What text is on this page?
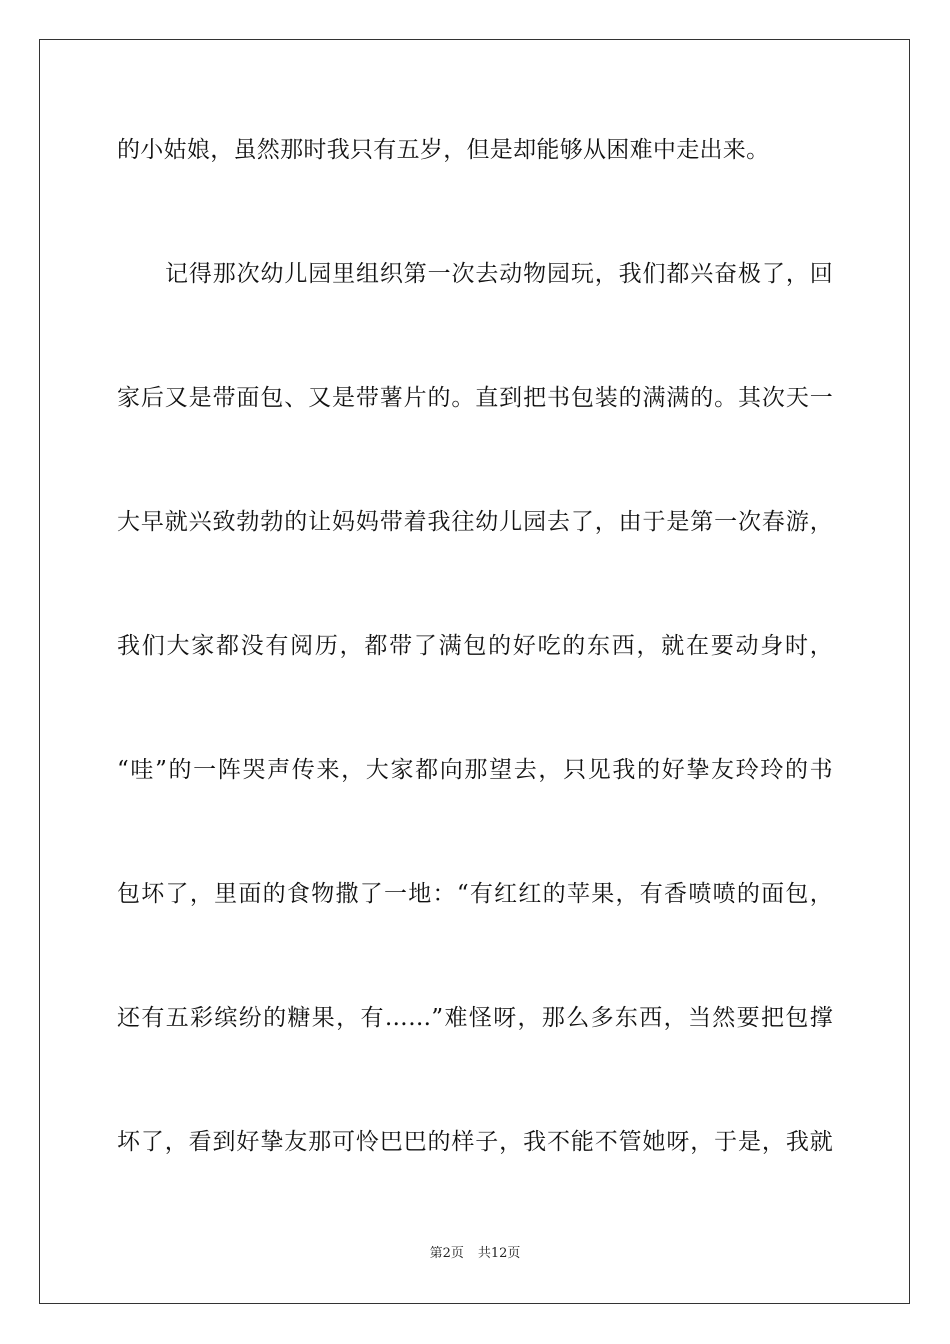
的小姑娘，虽然那时我只有五岁，但是却能够从困难中走出来。
记得那次幼儿园里组织第一次去动物园玩，我们都兴奋极了，回
家后又是带面包、又是带薯片的。直到把书包装的满满的。其次天一
大早就兴致勃勃的让妈妈带着我往幼儿园去了，由于是第一次春游，
我们大家都没有阅历，都带了满包的好吃的东西，就在要动身时，
“哇”的一阵哭声传来，大家都向那望去，只见我的好挚友玲玲的书
包坏了，里面的食物撒了一地：“有红红的苹果，有香喷喷的面包，
还有五彩缤纷的糖果，有……”难怪呀，那么多东西，当然要把包撑
坏了，看到好挚友那可怜巴巴的样子，我不能不管她呀，于是，我就
第2页 共12页
